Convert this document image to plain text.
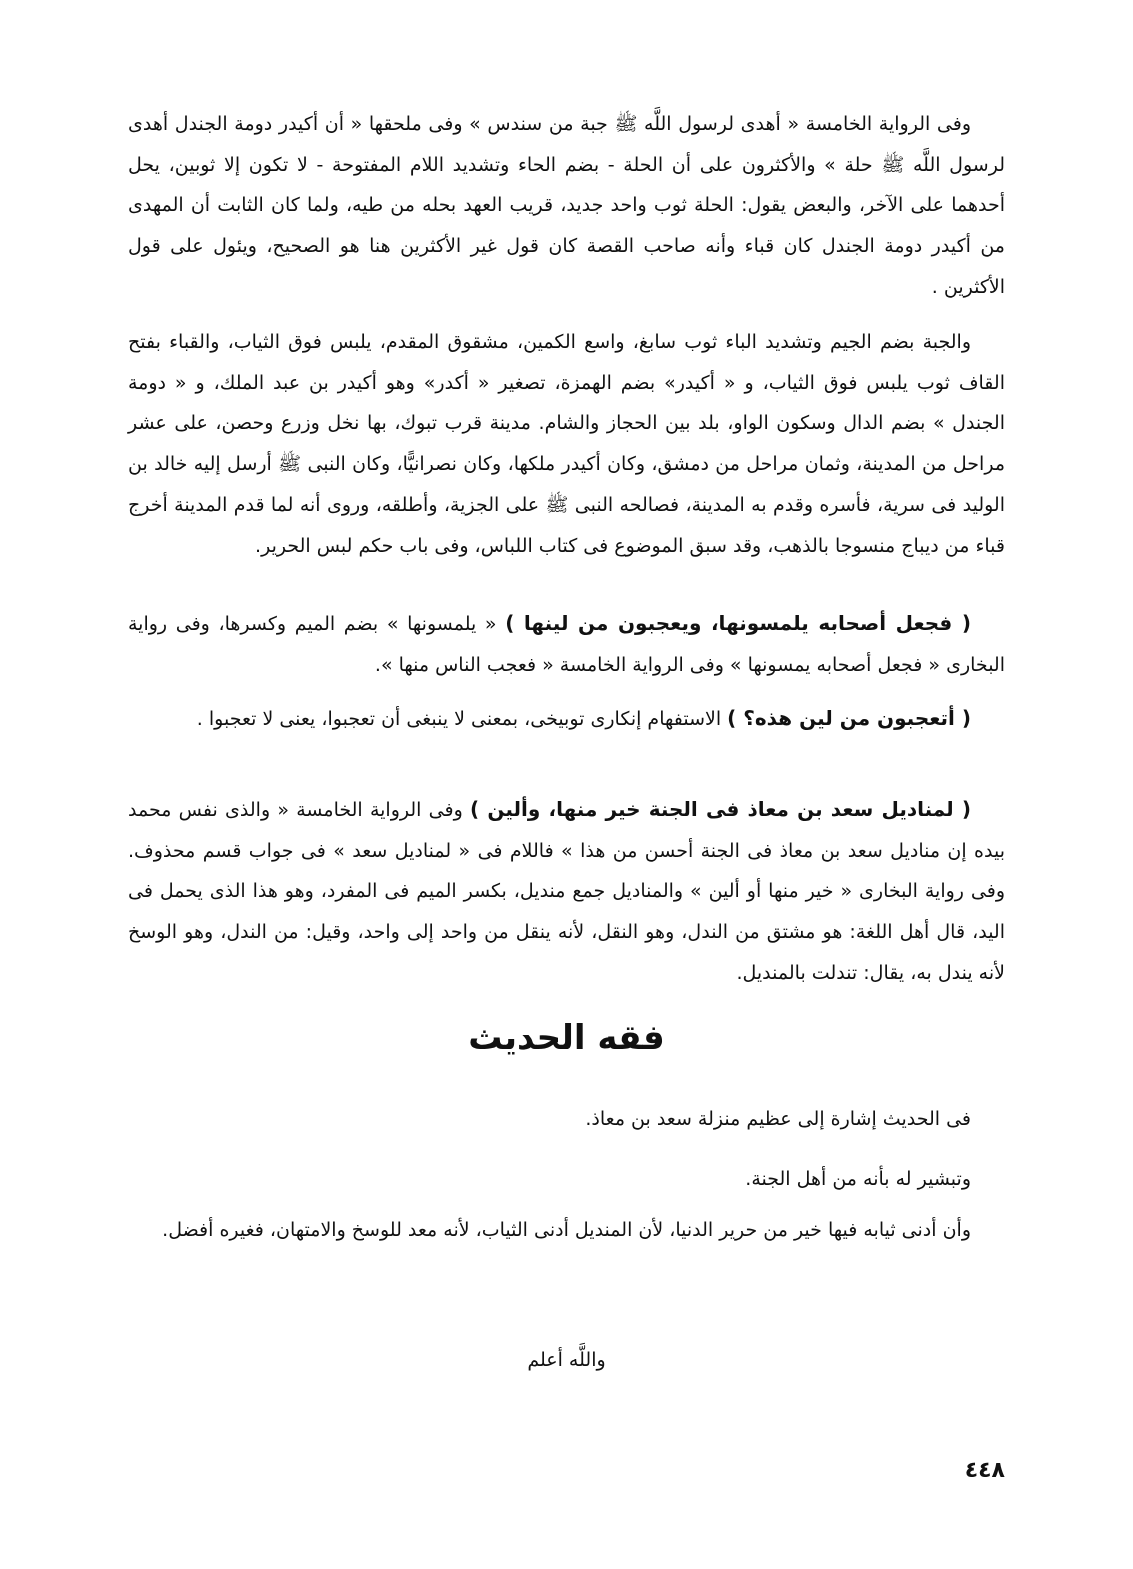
وفى الرواية الخامسة « أهدى لرسول اللَّه ﷺ جبة من سندس » وفى ملحقها « أن أكيدر دومة الجندل أهدى لرسول اللَّه ﷺ حلة » والأكثرون على أن الحلة - بضم الحاء وتشديد اللام المفتوحة - لا تكون إلا ثوبين، يحل أحدهما على الآخر، والبعض يقول: الحلة ثوب واحد جديد، قريب العهد بحله من طيه، ولما كان الثابت أن المهدى من أكيدر دومة الجندل كان قباء وأنه صاحب القصة كان قول غير الأكثرين هنا هو الصحيح، ويئول على قول الأكثرين .

والجبة بضم الجيم وتشديد الباء ثوب سابغ، واسع الكمين، مشقوق المقدم، يلبس فوق الثياب، والقباء بفتح القاف ثوب يلبس فوق الثياب، و « أكيدر» بضم الهمزة، تصغير « أكدر» وهو أكيدر بن عبد الملك، و « دومة الجندل » بضم الدال وسكون الواو، بلد بين الحجاز والشام. مدينة قرب تبوك، بها نخل وزرع وحصن، على عشر مراحل من المدينة، وثمان مراحل من دمشق، وكان أكيدر ملكها، وكان نصرانيًّا، وكان النبى ﷺ أرسل إليه خالد بن الوليد فى سرية، فأسره وقدم به المدينة، فصالحه النبى ﷺ على الجزية، وأطلقه، وروى أنه لما قدم المدينة أخرج قباء من ديباج منسوجا بالذهب، وقد سبق الموضوع فى كتاب اللباس، وفى باب حكم لبس الحرير.

( فجعل أصحابه يلمسونها، ويعجبون من لينها ) « يلمسونها » بضم الميم وكسرها، وفى رواية البخارى « فجعل أصحابه يمسونها » وفى الرواية الخامسة « فعجب الناس منها ».

( أتعجبون من لين هذه؟ ) الاستفهام إنكارى توبيخى، بمعنى لا ينبغى أن تعجبوا، يعنى لا تعجبوا .

( لمناديل سعد بن معاذ فى الجنة خير منها، وألين ) وفى الرواية الخامسة « والذى نفس محمد بيده إن مناديل سعد بن معاذ فى الجنة أحسن من هذا » فاللام فى « لمناديل سعد » فى جواب قسم محذوف. وفى رواية البخارى « خير منها أو ألين » والمناديل جمع منديل، بكسر الميم فى المفرد، وهو هذا الذى يحمل فى اليد، قال أهل اللغة: هو مشتق من الندل، وهو النقل، لأنه ينقل من واحد إلى واحد، وقيل: من الندل، وهو الوسخ لأنه يندل به، يقال: تندلت بالمنديل.

فقه الحديث

فى الحديث إشارة إلى عظيم منزلة سعد بن معاذ.

وتبشير له بأنه من أهل الجنة.

وأن أدنى ثيابه فيها خير من حرير الدنيا، لأن المنديل أدنى الثياب، لأنه معد للوسخ والامتهان، فغيره أفضل.

واللَّه أعلم
٤٤٨
